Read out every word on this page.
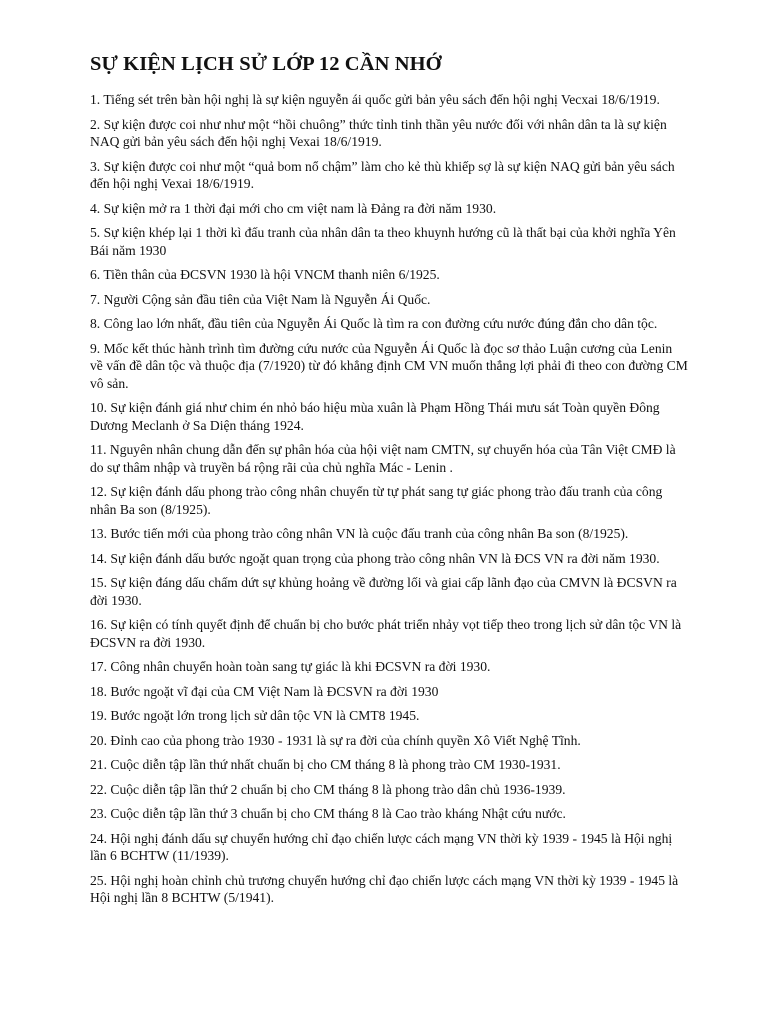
SỰ KIỆN LỊCH SỬ LỚP 12 CẦN NHỚ
1. Tiếng sét trên bàn hội nghị là sự kiện nguyễn ái quốc gửi bản yêu sách đến hội nghị Vecxai 18/6/1919.
2. Sự kiện được coi như như một “hồi chuông” thức tỉnh tinh thần yêu nước đối với nhân dân ta là sự kiện NAQ gửi bản yêu sách đến hội nghị Vexai 18/6/1919.
3. Sự kiện được coi như một “quả bom nổ chậm” làm cho kẻ thù khiếp sợ là sự kiện NAQ gửi bản yêu sách đến hội nghị Vexai 18/6/1919.
4. Sự kiện mở ra 1 thời đại mới cho cm việt nam là Đảng ra đời năm 1930.
5. Sự kiện khép lại 1 thời kì đấu tranh của nhân dân ta theo khuynh hướng cũ là thất bại của khởi nghĩa Yên Bái năm 1930
6. Tiền thân của ĐCSVN 1930 là hội VNCM thanh niên 6/1925.
7. Người Cộng sản đầu tiên của Việt Nam là Nguyễn Ái Quốc.
8. Công lao lớn nhất, đầu tiên của Nguyễn Ái Quốc là tìm ra con đường cứu nước đúng đắn cho dân tộc.
9. Mốc kết thúc hành trình tìm đường cứu nước của Nguyễn Ái Quốc là đọc sơ thảo Luận cương của Lenin về vấn đề dân tộc và thuộc địa (7/1920) từ đó khẳng định CM VN muốn thắng lợi phải đi theo con đường CM vô sản.
10. Sự kiện đánh giá như chim én nhỏ báo hiệu mùa xuân là Phạm Hồng Thái mưu sát Toàn quyền Đông Dương Meclanh ở Sa Diện tháng 1924.
11. Nguyên nhân chung dẫn đến sự phân hóa của hội việt nam CMTN, sự chuyển hóa của Tân Việt CMĐ là do sự thâm nhập và truyền bá rộng rãi của chủ nghĩa Mác - Lenin .
12. Sự kiện đánh dấu phong trào công nhân chuyển từ tự phát sang tự giác phong trào đấu tranh của công nhân Ba son (8/1925).
13. Bước tiến mới của phong trào công nhân VN là cuộc đấu tranh của công nhân Ba son (8/1925).
14. Sự kiện đánh dấu bước ngoặt quan trọng của phong trào công nhân VN là ĐCS VN ra đời năm 1930.
15. Sự kiện đáng dấu chấm dứt sự khủng hoảng về đường lối và giai cấp lãnh đạo của CMVN là ĐCSVN ra đời 1930.
16. Sự kiện có tính quyết định để chuẩn bị cho bước phát triển nhảy vọt tiếp theo trong lịch sử dân tộc VN là ĐCSVN ra đời 1930.
17. Công nhân chuyển hoàn toàn sang tự giác là khi ĐCSVN ra đời 1930.
18. Bước ngoặt vĩ đại của CM Việt Nam là ĐCSVN ra đời 1930
19. Bước ngoặt lớn trong lịch sử dân tộc VN là CMT8 1945.
20. Đỉnh cao của phong trào 1930 - 1931 là sự ra đời của chính quyền Xô Viết Nghệ Tĩnh.
21. Cuộc diễn tập lần thứ nhất chuẩn bị cho CM tháng 8 là phong trào CM 1930-1931.
22. Cuộc diễn tập lần thứ 2 chuẩn bị cho CM tháng 8 là phong trào dân chủ 1936-1939.
23. Cuộc diễn tập lần thứ 3 chuẩn bị cho CM tháng 8 là Cao trào kháng Nhật cứu nước.
24. Hội nghị đánh dấu sự chuyển hướng chỉ đạo chiến lược cách mạng VN thời kỳ 1939 - 1945 là Hội nghị lần 6 BCHTW (11/1939).
25. Hội nghị hoàn chỉnh chủ trương chuyển hướng chỉ đạo chiến lược cách mạng VN thời kỳ 1939 - 1945 là Hội nghị lần 8 BCHTW (5/1941).
